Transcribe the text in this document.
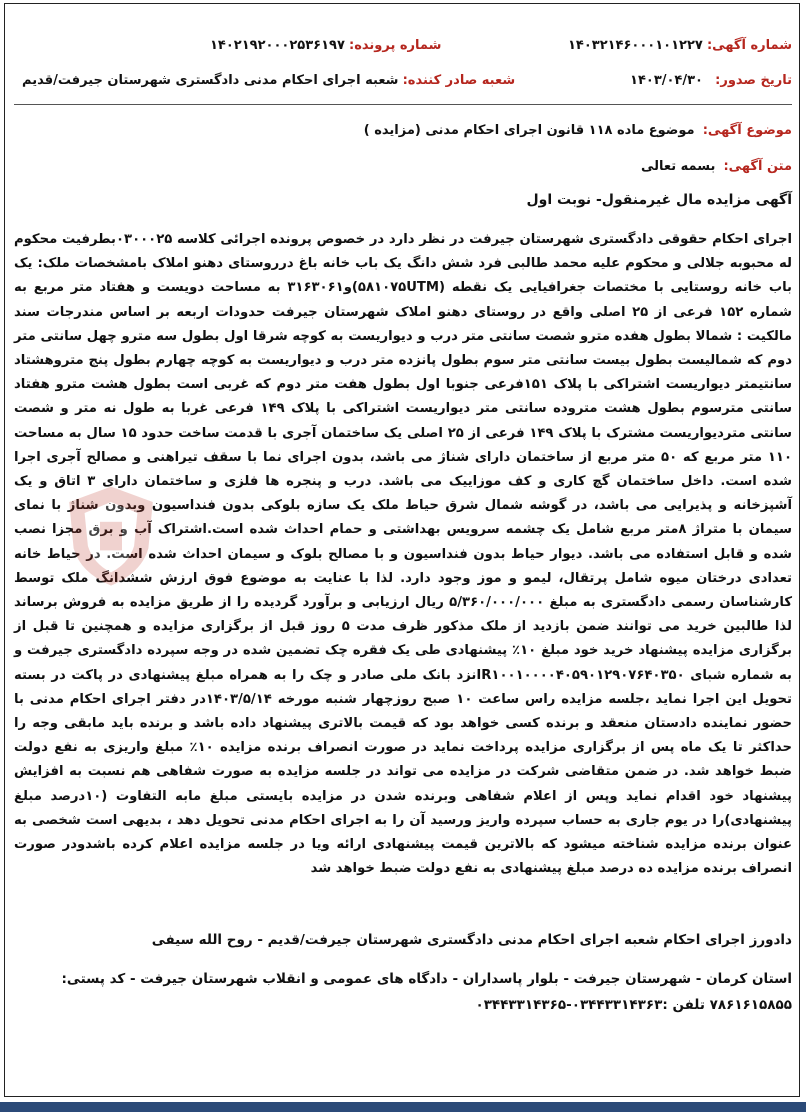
شماره آگهی: ۱۴۰۳۲۱۴۶۰۰۰۱۰۱۲۲۷
شماره پرونده: ۱۴۰۲۱۹۲۰۰۰۲۵۳۶۱۹۷
تاریخ صدور: ۱۴۰۳/۰۴/۳۰
شعبه صادر کننده: شعبه اجرای احکام مدنی دادگستری شهرستان جیرفت/قدیم
موضوع آگهی: موضوع ماده ۱۱۸ قانون اجرای احکام مدنی (مزایده )
متن آگهی: بسمه تعالی
آگهی مزایده مال غیرمنقول- نوبت اول
اجرای احکام حقوقی دادگستری شهرستان جیرفت در نظر دارد در خصوص پرونده اجرائی کلاسه ۰۳۰۰۰۲۵بطرفیت محکوم له محبوبه جلالی و محکوم علیه محمد طالبی فرد شش دانگ یک باب خانه باغ درروستای دهنو املاک بامشخصات ملک: یک باب خانه روستایی با مختصات جغرافیایی یک نقطه (۵۸۱۰۷۵UTM)و۳۱۶۳۰۶۱ به مساحت دویست و هفتاد متر مربع به شماره ۱۵۲ فرعی از ۲۵ اصلی واقع در روستای دهنو املاک شهرستان جیرفت حدودات اربعه بر اساس مندرجات سند مالکیت : شمالا بطول هفده مترو شصت سانتی متر درب و دیواریست به کوچه شرقا اول بطول سه مترو چهل سانتی متر دوم که شمالیست بطول بیست سانتی متر سوم بطول پانزده متر درب و دیواریست به کوچه چهارم بطول پنج متروهشتاد سانتیمتر دیواریست اشتراکی با پلاک ۱۵۱فرعی جنوبا اول بطول هفت متر دوم که غربی است بطول هشت مترو هفتاد سانتی مترسوم بطول هشت متروده سانتی متر دیواریست اشتراکی با پلاک ۱۴۹ فرعی غربا به طول نه متر و شصت سانتی متردیواریست مشترک با پلاک ۱۴۹ فرعی از ۲۵ اصلی یک ساختمان آجری با قدمت ساخت حدود ۱۵ سال به مساحت ۱۱۰ متر مربع که ۵۰ متر مربع از ساختمان دارای شناژ می باشد، بدون اجرای نما با سقف تیراهنی و مصالح آجری اجرا شده است. داخل ساختمان گچ کاری و کف موزاییک می باشد. درب و پنجره ها فلزی و ساختمان دارای ۳ اتاق و یک آشپزخانه و پذیرایی می باشد، در گوشه شمال شرق حیاط ملک یک سازه بلوکی بدون فنداسیون وبدون شناژ با نمای سیمان با متراژ ۸متر مربع شامل یک چشمه سرویس بهداشتی و حمام احداث شده است.اشتراک آب و برق مجزا نصب شده و قابل استفاده می باشد. دیوار حیاط بدون فنداسیون و با مصالح بلوک و سیمان احداث شده است. در حیاط خانه تعدادی درختان میوه شامل پرتقال، لیمو و موز وجود دارد. لذا با عنایت به موضوع فوق ارزش ششدانگ ملک توسط کارشناسان رسمی دادگستری به مبلغ ۵/۳۶۰/۰۰۰/۰۰۰ ریال ارزیابی و برآورد گردیده را از طریق مزایده به فروش برساند لذا طالبین خرید می توانند ضمن بازدید از ملک مذکور ظرف مدت ۵ روز قبل از برگزاری مزایده و همچنین تا قبل از برگزاری مزایده پیشنهاد خرید خود مبلغ ۱۰٪ پیشنهادی طی یک فقره چک تضمین شده در وجه سپرده دادگستری جیرفت و به شماره شبای IR۱۰۰۱۰۰۰۰۴۰۵۹۰۱۲۹۰۷۶۴۰۳۵۰نزد بانک ملی صادر و چک را به همراه مبلغ پیشنهادی در پاکت در بسته تحویل این اجرا نماید ،جلسه مزایده راس ساعت ۱۰ صبح روزچهار شنبه مورخه ۱۴۰۳/۵/۱۴در دفتر اجرای احکام مدنی با حضور نماینده دادستان منعقد و برنده کسی خواهد بود که قیمت بالاتری پیشنهاد داده باشد و برنده باید مابقی وجه را حداکثر تا یک ماه پس از برگزاری مزایده پرداخت نماید در صورت انصراف برنده مزایده ۱۰٪ مبلغ واریزی به نفع دولت ضبط خواهد شد. در ضمن متقاضی شرکت در مزایده می تواند در جلسه مزایده به صورت شفاهی هم نسبت به افزایش پیشنهاد خود اقدام نماید وپس از اعلام شفاهی وبرنده شدن در مزایده بایستی مبلغ مابه التفاوت (۱۰درصد مبلغ پیشنهادی)را در یوم جاری به حساب سپرده واریز ورسید آن را به اجرای احکام مدنی تحویل دهد ، بدیهی است شخصی به عنوان برنده مزایده شناخته میشود که بالاترین قیمت پیشنهادی ارائه ویا در جلسه مزایده اعلام کرده باشدودر صورت انصراف برنده مزایده ده درصد مبلغ پیشنهادی به نفع دولت ضبط خواهد شد
دادورز اجرای احکام شعبه اجرای احکام مدنی دادگستری شهرستان جیرفت/قدیم - روح الله سیفی
استان کرمان - شهرستان جیرفت - بلوار پاسداران - دادگاه های عمومی و انقلاب شهرستان جیرفت - کد پستی: ۷۸۶۱۶۱۵۸۵۵ تلفن :۰۳۴۴۳۳۱۴۳۶۳-۰۳۴۴۳۳۱۴۳۶۵
